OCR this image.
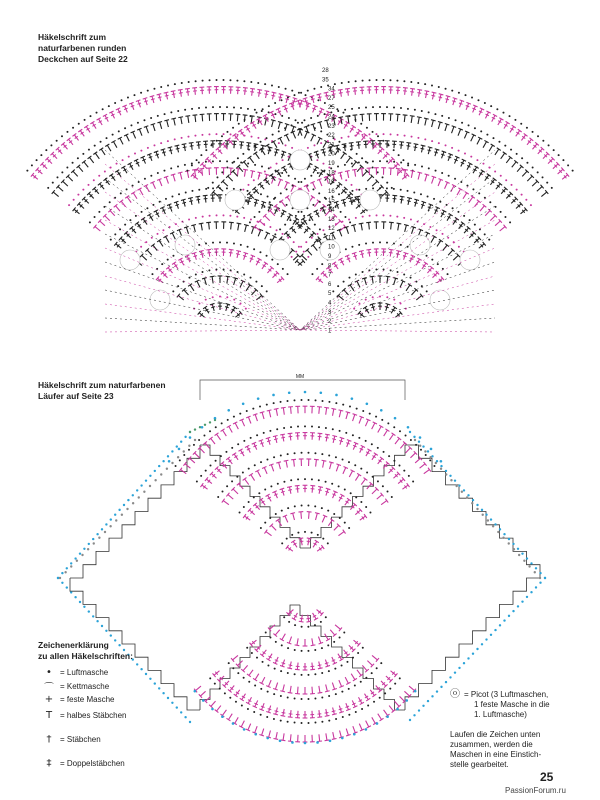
Häkelschrift zum
naturfarbenen runden
Deckchen auf Seite 22
Häkelschrift zum naturfarbenen
Läufer auf Seite 23
28
35
34
27
25
24
23
22
21
20
19
18
17
16
15
14
13
12
11
10
9
8
7
6
5
4
3
2
1
MM
Zeichenerklärung
zu allen Häkelschriften:
•	= Luftmasche
⌒ = Kettmasche
+ = feste Masche
T = halbes Stäbchen
†	= Stäbchen
‡	= Doppelstäbchen
ⓞ = Picot (3 Luftmaschen,
1 feste Masche in die
1. Luftmasche)
Laufen die Zeichen unten
zusammen, werden die
Maschen in eine Einstich-
stelle gearbeitet.
25
PassionForum.ru
